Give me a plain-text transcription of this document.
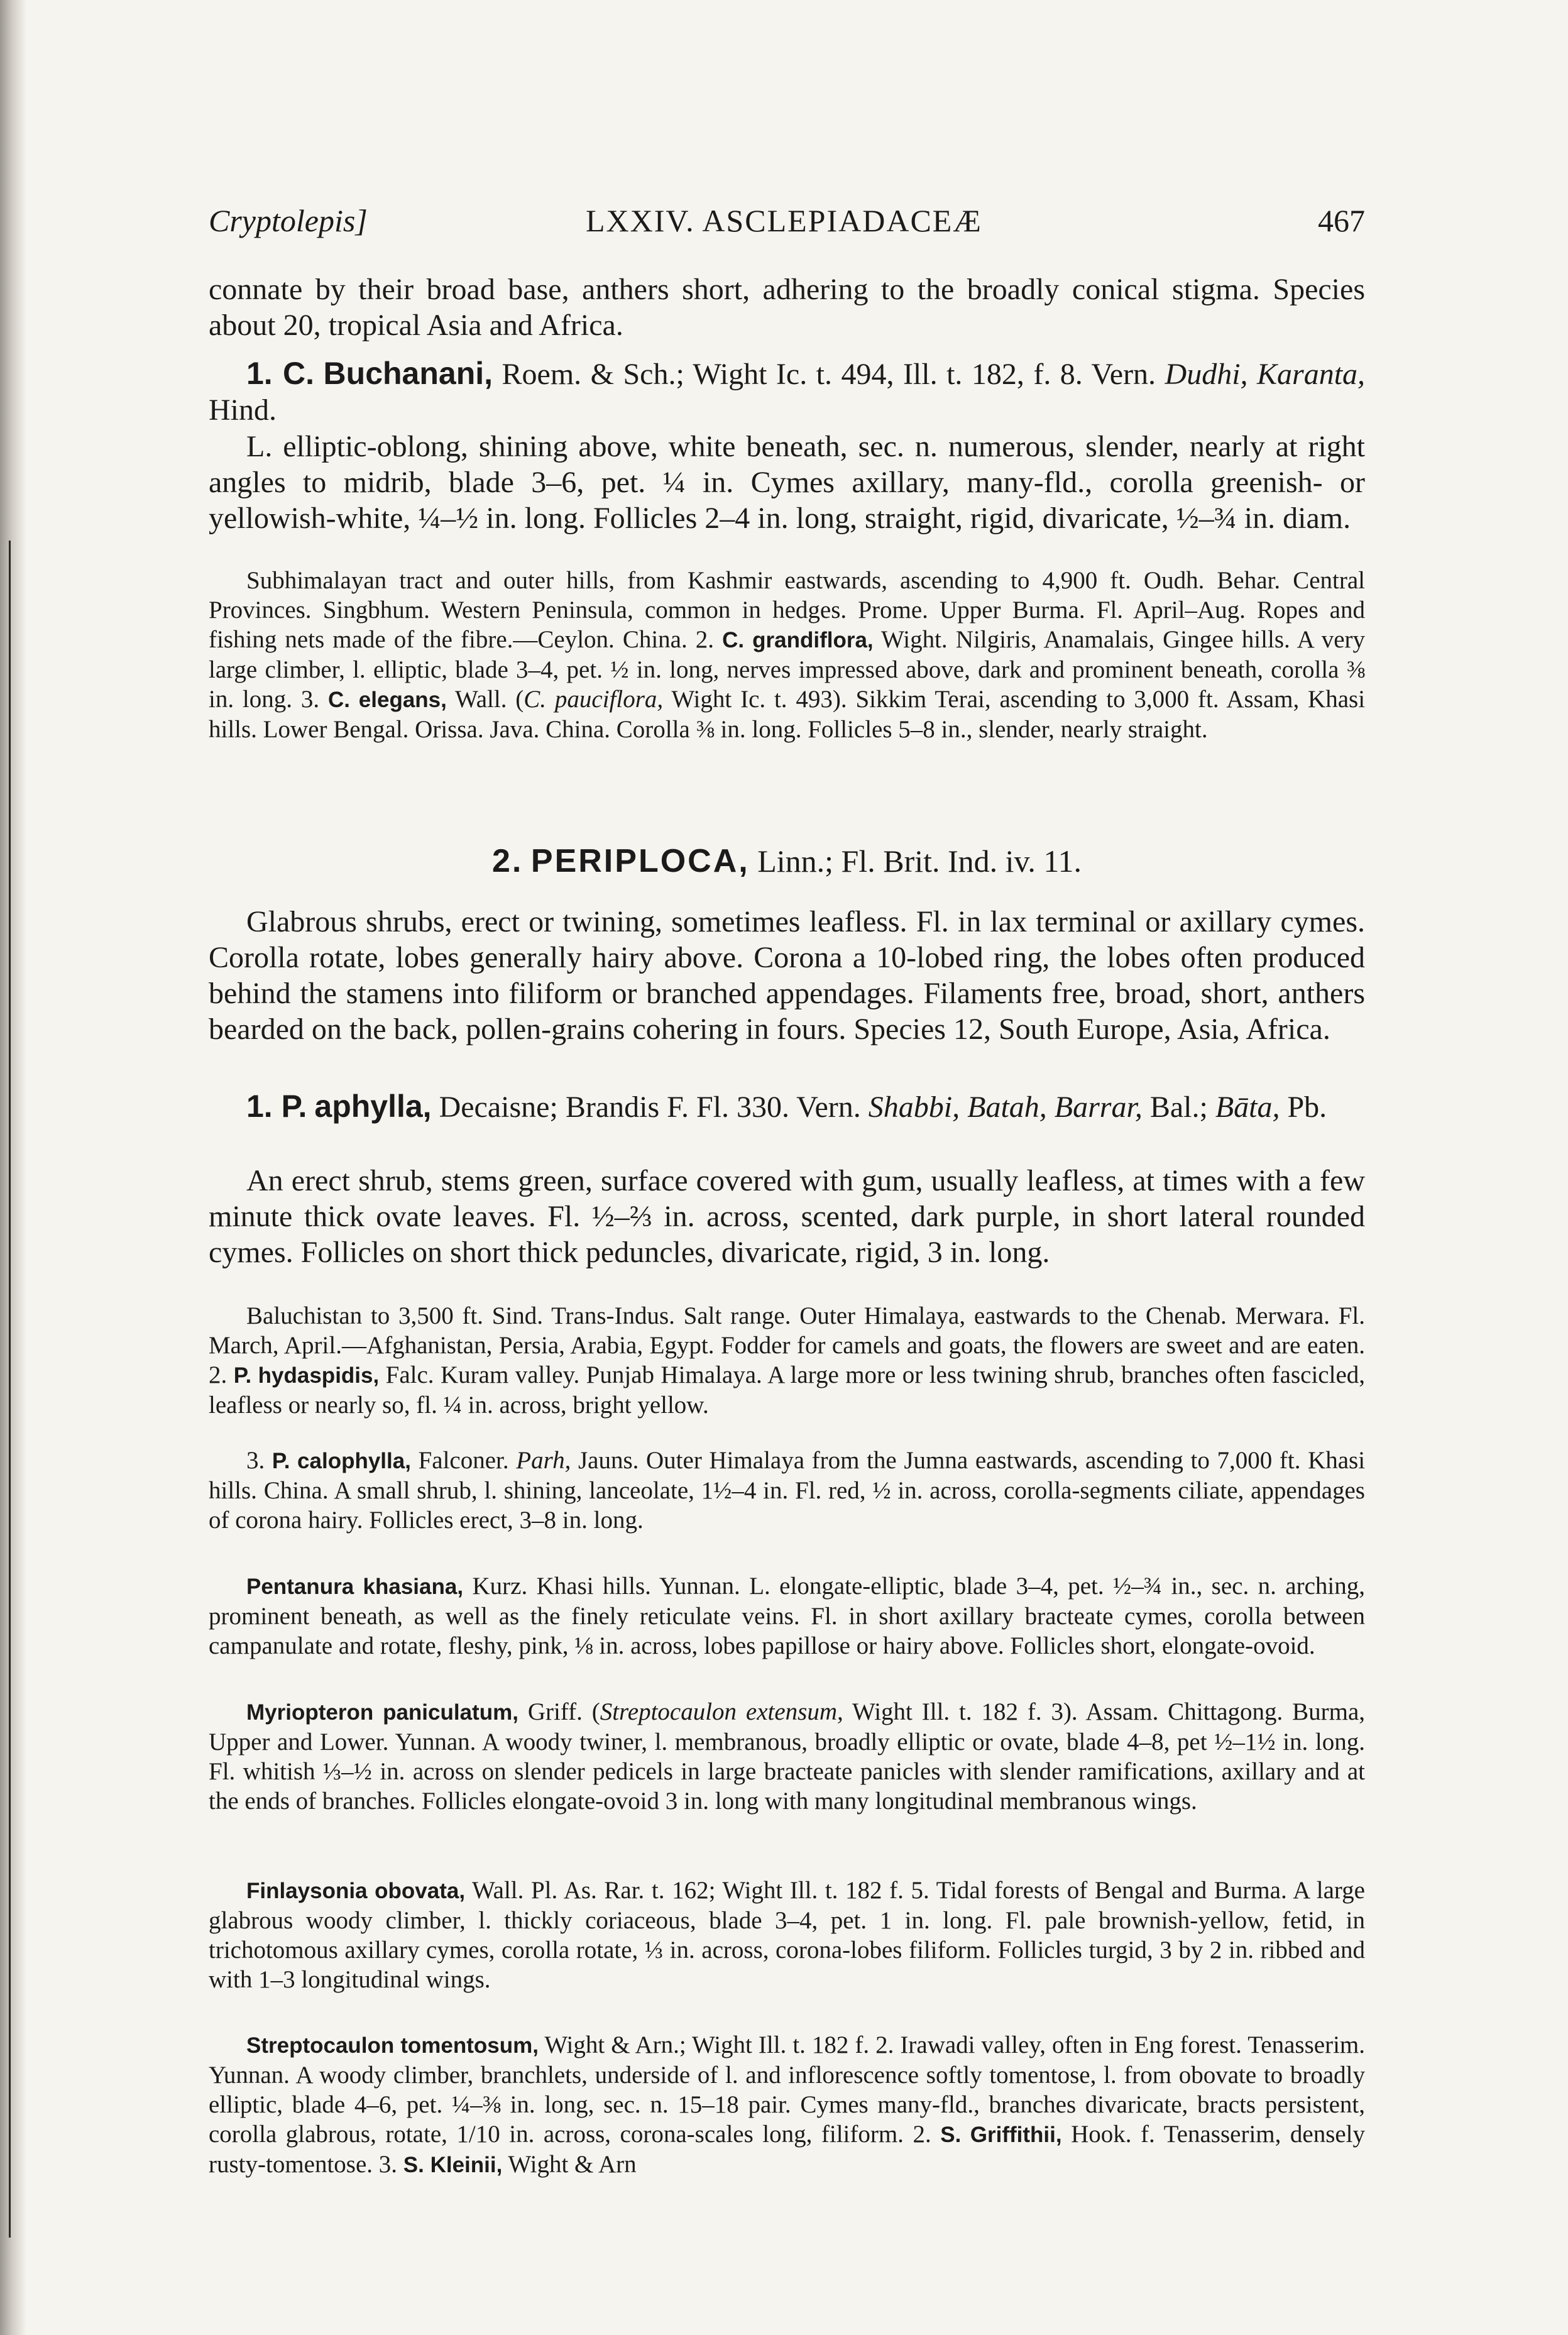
Cryptolepis]	LXXIV. ASCLEPIADACEÆ	467

connate by their broad base, anthers short, adhering to the broadly conical stigma. Species about 20, tropical Asia and Africa.

1. C. Buchanani, Roem. & Sch.; Wight Ic. t. 494, Ill. t. 182, f. 8. Vern. Dudhi, Karanta, Hind.

L. elliptic-oblong, shining above, white beneath, sec. n. numerous, slender, nearly at right angles to midrib, blade 3–6, pet. ¼ in. Cymes axillary, many-fld., corolla greenish- or yellowish-white, ¼–½ in. long. Follicles 2–4 in. long, straight, rigid, divaricate, ½–¾ in. diam.

Subhimalayan tract and outer hills, from Kashmir eastwards, ascending to 4,900 ft. Oudh. Behar. Central Provinces. Singbhum. Western Peninsula, common in hedges. Prome. Upper Burma. Fl. April–Aug. Ropes and fishing nets made of the fibre.—Ceylon. China. 2. C. grandiflora, Wight. Nilgiris, Anamalais, Gingee hills. A very large climber, l. elliptic, blade 3–4, pet. ½ in. long, nerves impressed above, dark and prominent beneath, corolla ⅜ in. long. 3. C. elegans, Wall. (C. pauciflora, Wight Ic. t. 493). Sikkim Terai, ascending to 3,000 ft. Assam, Khasi hills. Lower Bengal. Orissa. Java. China. Corolla ⅜ in. long. Follicles 5–8 in., slender, nearly straight.
2. PERIPLOCA, Linn.; Fl. Brit. Ind. iv. 11.

Glabrous shrubs, erect or twining, sometimes leafless. Fl. in lax terminal or axillary cymes. Corolla rotate, lobes generally hairy above. Corona a 10-lobed ring, the lobes often produced behind the stamens into filiform or branched appendages. Filaments free, broad, short, anthers bearded on the back, pollen-grains cohering in fours. Species 12, South Europe, Asia, Africa.

1. P. aphylla, Decaisne; Brandis F. Fl. 330. Vern. Shabbi, Batah, Barrar, Bal.; Bāta, Pb.

An erect shrub, stems green, surface covered with gum, usually leafless, at times with a few minute thick ovate leaves. Fl. ½–⅔ in. across, scented, dark purple, in short lateral rounded cymes. Follicles on short thick peduncles, divaricate, rigid, 3 in. long.

Baluchistan to 3,500 ft. Sind. Trans-Indus. Salt range. Outer Himalaya, eastwards to the Chenab. Merwara. Fl. March, April.—Afghanistan, Persia, Arabia, Egypt. Fodder for camels and goats, the flowers are sweet and are eaten. 2. P. hydaspidis, Falc. Kuram valley. Punjab Himalaya. A large more or less twining shrub, branches often fascicled, leafless or nearly so, fl. ¼ in. across, bright yellow.
3. P. calophylla, Falconer. Parh, Jauns. Outer Himalaya from the Jumna eastwards, ascending to 7,000 ft. Khasi hills. China. A small shrub, l. shining, lanceolate, 1½–4 in. Fl. red, ½ in. across, corolla-segments ciliate, appendages of corona hairy. Follicles erect, 3–8 in. long.
Pentanura khasiana, Kurz. Khasi hills. Yunnan. L. elongate-elliptic, blade 3–4, pet. ½–¾ in., sec. n. arching, prominent beneath, as well as the finely reticulate veins. Fl. in short axillary bracteate cymes, corolla between campanulate and rotate, fleshy, pink, ⅛ in. across, lobes papillose or hairy above. Follicles short, elongate-ovoid.
Myriopteron paniculatum, Griff. (Streptocaulon extensum, Wight Ill. t. 182 f. 3). Assam. Chittagong. Burma, Upper and Lower. Yunnan. A woody twiner, l. membranous, broadly elliptic or ovate, blade 4–8, pet ½–1½ in. long. Fl. whitish ⅓–½ in. across on slender pedicels in large bracteate panicles with slender ramifications, axillary and at the ends of branches. Follicles elongate-ovoid 3 in. long with many longitudinal membranous wings.
Finlaysonia obovata, Wall. Pl. As. Rar. t. 162; Wight Ill. t. 182 f. 5. Tidal forests of Bengal and Burma. A large glabrous woody climber, l. thickly coriaceous, blade 3–4, pet. 1 in. long. Fl. pale brownish-yellow, fetid, in trichotomous axillary cymes, corolla rotate, ⅓ in. across, corona-lobes filiform. Follicles turgid, 3 by 2 in. ribbed and with 1–3 longitudinal wings.
Streptocaulon tomentosum, Wight & Arn.; Wight Ill. t. 182 f. 2. Irawadi valley, often in Eng forest. Tenasserim. Yunnan. A woody climber, branchlets, underside of l. and inflorescence softly tomentose, l. from obovate to broadly elliptic, blade 4–6, pet. ¼–⅜ in. long, sec. n. 15–18 pair. Cymes many-fld., branches divaricate, bracts persistent, corolla glabrous, rotate, 1/10 in. across, corona-scales long, filiform. 2. S. Griffithii, Hook. f. Tenasserim, densely rusty-tomentose. 3. S. Kleinii, Wight & Arn
